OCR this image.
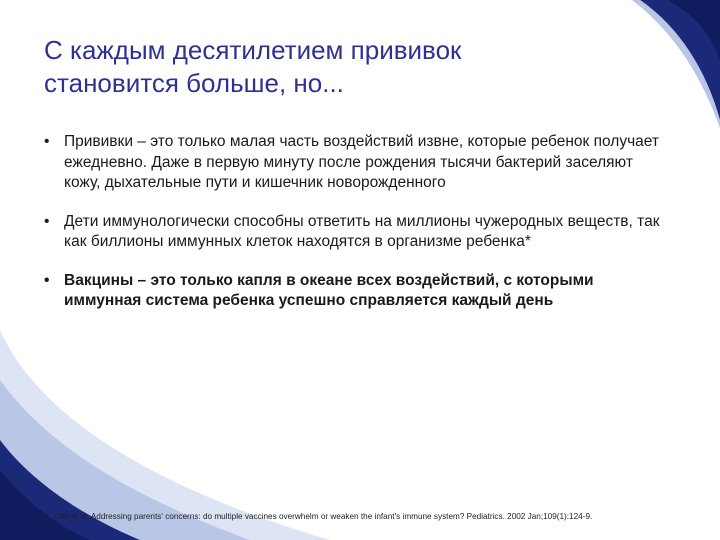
С каждым десятилетием прививок
становится больше, но...
• Прививки – это только малая часть воздействий извне, которые ребенок получает ежедневно. Даже в первую минуту после рождения тысячи бактерий заселяют кожу, дыхательные пути и кишечник новорожденного
• Дети иммунологически способны ответить на миллионы чужеродных веществ, так как биллионы иммунных клеток находятся в организме ребенка*
• Вакцины – это только капля в океане всех воздействий, с которыми иммунная система ребенка успешно справляется каждый день
4. Offit et al. Addressing parents' concerns: do multiple vaccines overwhelm or weaken the infant's immune system? Pediatrics. 2002 Jan;109(1):124-9.
